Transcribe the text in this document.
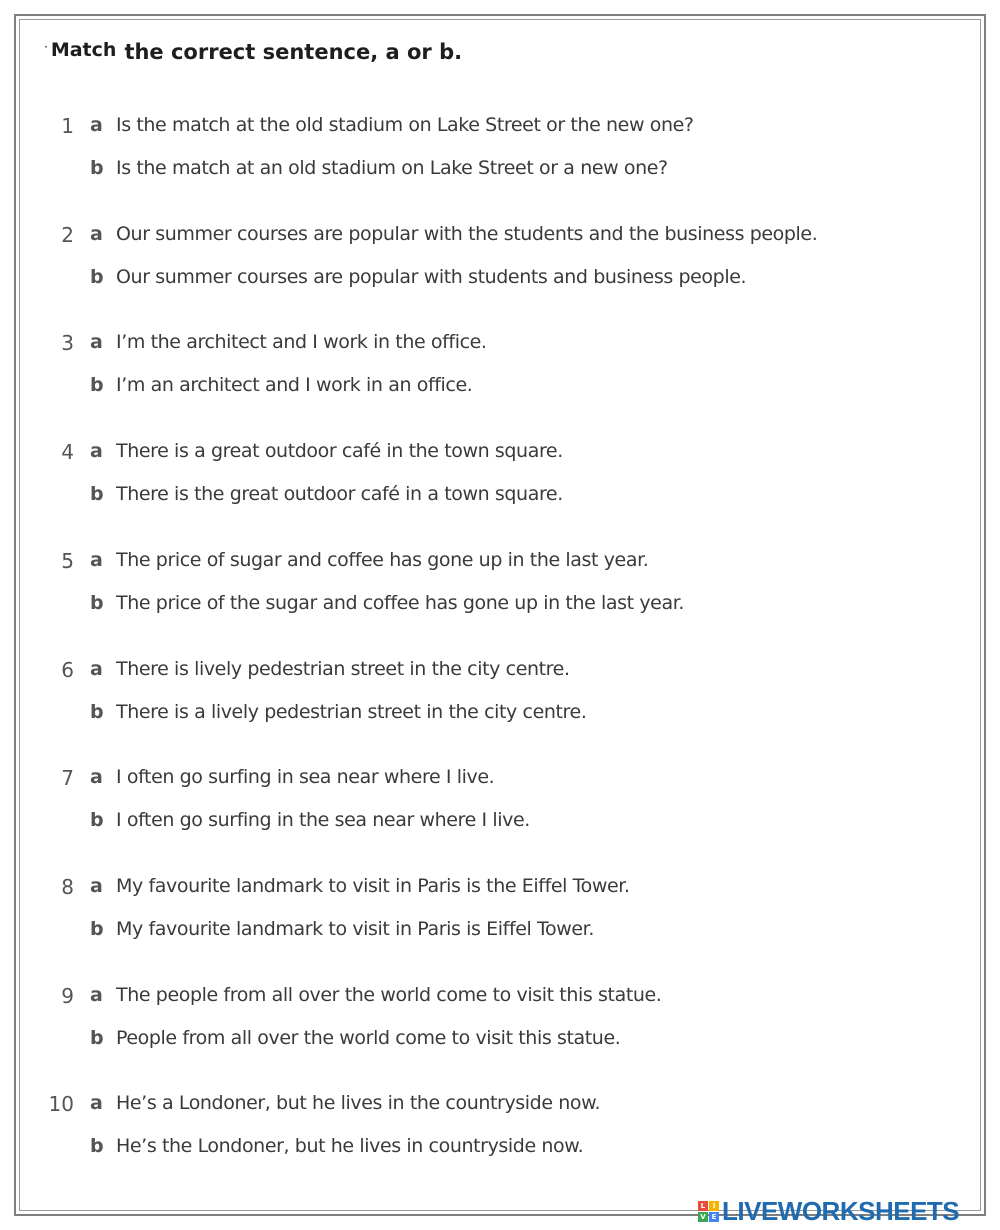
· Match the correct sentence, a or b.
1 a Is the match at the old stadium on Lake Street or the new one?
b Is the match at an old stadium on Lake Street or a new one?
2 a Our summer courses are popular with the students and the business people.
b Our summer courses are popular with students and business people.
3 a I’m the architect and I work in the office.
b I’m an architect and I work in an office.
4 a There is a great outdoor café in the town square.
b There is the great outdoor café in a town square.
5 a The price of sugar and coffee has gone up in the last year.
b The price of the sugar and coffee has gone up in the last year.
6 a There is lively pedestrian street in the city centre.
b There is a lively pedestrian street in the city centre.
7 a I often go surfing in sea near where I live.
b I often go surfing in the sea near where I live.
8 a My favourite landmark to visit in Paris is the Eiffel Tower.
b My favourite landmark to visit in Paris is Eiffel Tower.
9 a The people from all over the world come to visit this statue.
b People from all over the world come to visit this statue.
10 a He’s a Londoner, but he lives in the countryside now.
b He’s the Londoner, but he lives in countryside now.
L	I
V E LIVEWORKSHEETS
